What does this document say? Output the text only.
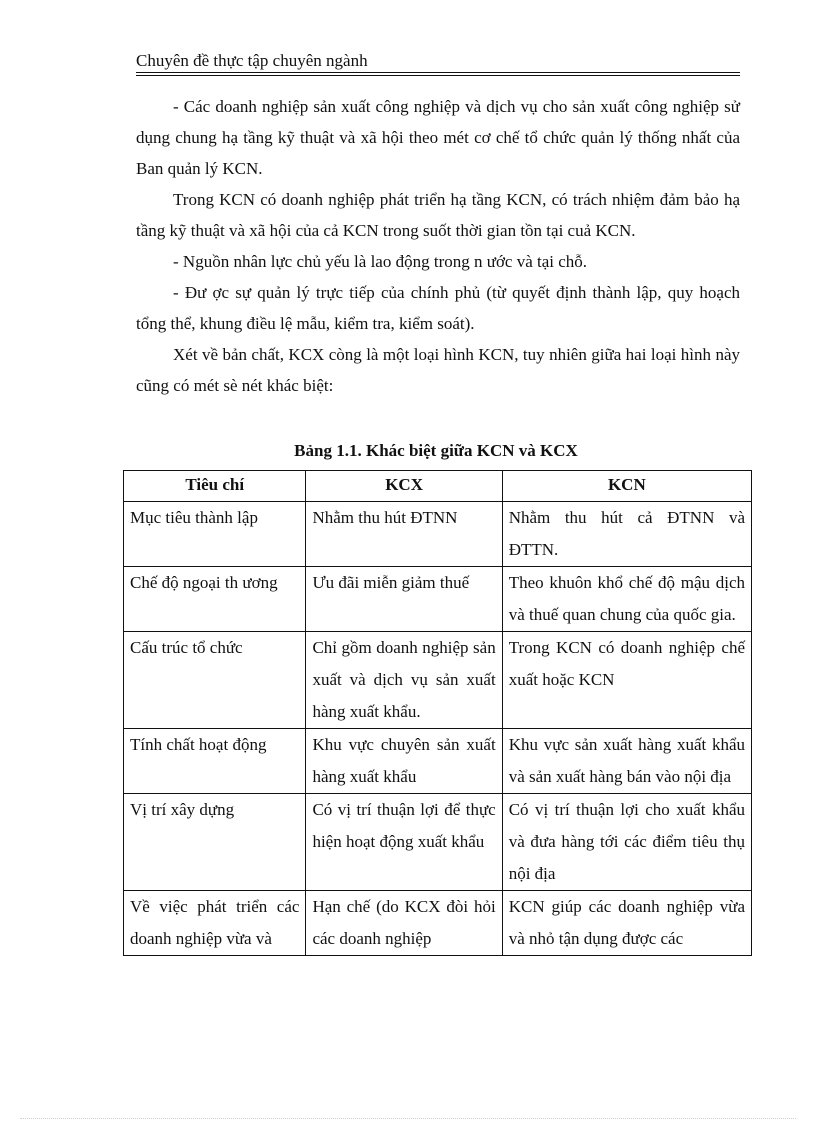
Chuyên đề thực tập chuyên ngành

- Các doanh nghiệp sản xuất công nghiệp và dịch vụ cho sản xuất công nghiệp sử dụng chung hạ tầng kỹ thuật và xã hội theo mét cơ chế tổ chức quản lý thống nhất của Ban quản lý KCN.

Trong KCN có doanh nghiệp phát triển hạ tầng KCN, có trách nhiệm đảm bảo hạ tầng kỹ thuật và xã hội của cả KCN trong suốt thời gian tồn tại cuả KCN.

- Nguồn nhân lực chủ yếu là lao động trong n ước và tại chỗ.

- Đư ợc sự quản lý trực tiếp của chính phủ (từ quyết định thành lập, quy hoạch tổng thể, khung điều lệ mẫu, kiểm tra, kiểm soát).

Xét về bản chất, KCX còng là một loại hình KCN, tuy nhiên giữa hai loại hình này cũng có mét sè nét khác biệt:

Bảng 1.1. Khác biệt giữa KCN và KCX
Tiêu chí	KCX	KCN
Mục tiêu thành lập	Nhằm thu hút ĐTNN	Nhằm thu hút cả ĐTNN và ĐTTN.
Chế độ ngoại th ương	Ưu đãi miễn giảm thuế	Theo khuôn khổ chế độ mậu dịch và thuế quan chung của quốc gia.
Cấu trúc tổ chức	Chỉ gồm doanh nghiệp sản xuất và dịch vụ sản xuất hàng xuất khẩu.	Trong KCN có doanh nghiệp chế xuất hoặc KCN
Tính chất hoạt động	Khu vực chuyên sản xuất hàng xuất khẩu	Khu vực sản xuất hàng xuất khẩu và sản xuất hàng bán vào nội địa
Vị trí xây dựng	Có vị trí thuận lợi để thực hiện hoạt động xuất khẩu	Có vị trí thuận lợi cho xuất khẩu và đưa hàng tới các điểm tiêu thụ nội địa
Về việc phát triển các doanh nghiệp vừa và	Hạn chế (do KCX đòi hỏi các doanh nghiệp	KCN giúp các doanh nghiệp vừa và nhỏ tận dụng được các
